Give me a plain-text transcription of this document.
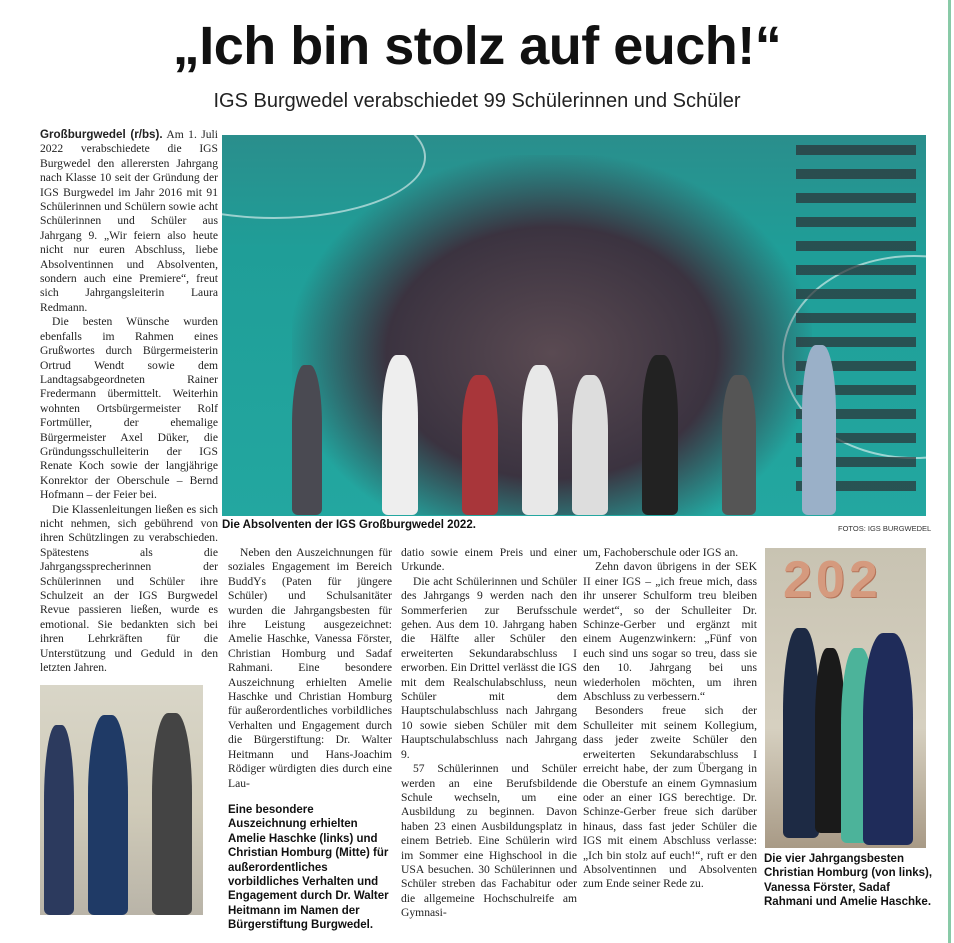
„Ich bin stolz auf euch!“
IGS Burgwedel verabschiedet 99 Schülerinnen und Schüler

Großburgwedel (r/bs). Am 1. Juli 2022 verabschiedete die IGS Burgwedel den allerersten Jahrgang nach Klasse 10 seit der Gründung der IGS Burgwedel im Jahr 2016 mit 91 Schülerinnen und Schülern sowie acht Schülerinnen und Schüler aus Jahrgang 9. „Wir feiern also heute nicht nur euren Abschluss, liebe Absolventinnen und Absolventen, sondern auch eine Premiere“, freut sich Jahrgangsleiterin Laura Redmann.

Die besten Wünsche wurden ebenfalls im Rahmen eines Grußwortes durch Bürgermeisterin Ortrud Wendt sowie dem Landtagsabgeordneten Rainer Fredermann übermittelt. Weiterhin wohnten Ortsbürgermeister Rolf Fortmüller, der ehemalige Bürgermeister Axel Düker, die Gründungsschulleiterin der IGS Renate Koch sowie der langjährige Konrektor der Oberschule – Bernd Hofmann – der Feier bei.

Die Klassenleitungen ließen es sich nicht nehmen, sich gebührend von ihren Schützlingen zu verabschieden. Spätestens als die Jahrgangssprecherinnen der Schülerinnen und Schüler ihre Schulzeit an der IGS Burgwedel Revue passieren ließen, wurde es emotional. Sie bedankten sich bei ihren Lehrkräften für die Unterstützung und Geduld in den letzten Jahren.

Die Absolventen der IGS Großburgwedel 2022.	FOTOS: IGS BURGWEDEL

Neben den Auszeichnungen für soziales Engagement im Bereich BuddYs (Paten für jüngere Schüler) und Schulsanitäter wurden die Jahrgangsbesten für ihre Leistung ausgezeichnet: Amelie Haschke, Vanessa Förster, Christian Homburg und Sadaf Rahmani. Eine besondere Auszeichnung erhielten Amelie Haschke und Christian Homburg für außerordentliches vorbildliches Verhalten und Engagement durch die Bürgerstiftung: Dr. Walter Heitmann und Hans-Joachim Rödiger würdigten dies durch eine Lau-

Eine besondere Auszeichnung erhielten Amelie Haschke (links) und Christian Homburg (Mitte) für außerordentliches vorbildliches Verhalten und Engagement durch Dr. Walter Heitmann im Namen der Bürgerstiftung Burgwedel.

datio sowie einem Preis und einer Urkunde.

Die acht Schülerinnen und Schüler des Jahrgangs 9 werden nach den Sommerferien zur Berufsschule gehen. Aus dem 10. Jahrgang haben die Hälfte aller Schüler den erweiterten Sekundarabschluss I erworben. Ein Drittel verlässt die IGS mit dem Realschulabschluss, neun Schüler mit dem Hauptschulabschluss nach Jahrgang 10 sowie sieben Schüler mit dem Hauptschulabschluss nach Jahrgang 9.

57 Schülerinnen und Schüler werden an eine Berufsbildende Schule wechseln, um eine Ausbildung zu beginnen. Davon haben 23 einen Ausbildungsplatz in einem Betrieb. Eine Schülerin wird im Sommer eine Highschool in die USA besuchen. 30 Schülerinnen und Schüler streben das Fachabitur oder die allgemeine Hochschulreife am Gymnasi-

um, Fachoberschule oder IGS an.

Zehn davon übrigens in der SEK II einer IGS – „ich freue mich, dass ihr unserer Schulform treu bleiben werdet“, so der Schulleiter Dr. Schinze-Gerber und ergänzt mit einem Augenzwinkern: „Fünf von euch sind uns sogar so treu, dass sie den 10. Jahrgang bei uns wiederholen möchten, um ihren Abschluss zu verbessern.“

Besonders freue sich der Schulleiter mit seinem Kollegium, dass jeder zweite Schüler den erweiterten Sekundarabschluss I erreicht habe, der zum Übergang in die Oberstufe an einem Gymnasium oder an einer IGS berechtige. Dr. Schinze-Gerber freue sich darüber hinaus, dass fast jeder Schüler die IGS mit einem Abschluss verlasse: „Ich bin stolz auf euch!“, ruft er den Absolventinnen und Absolventen zum Ende seiner Rede zu.

202
Die vier Jahrgangsbesten Christian Homburg (von links), Vanessa Förster, Sadaf Rahmani und Amelie Haschke.
